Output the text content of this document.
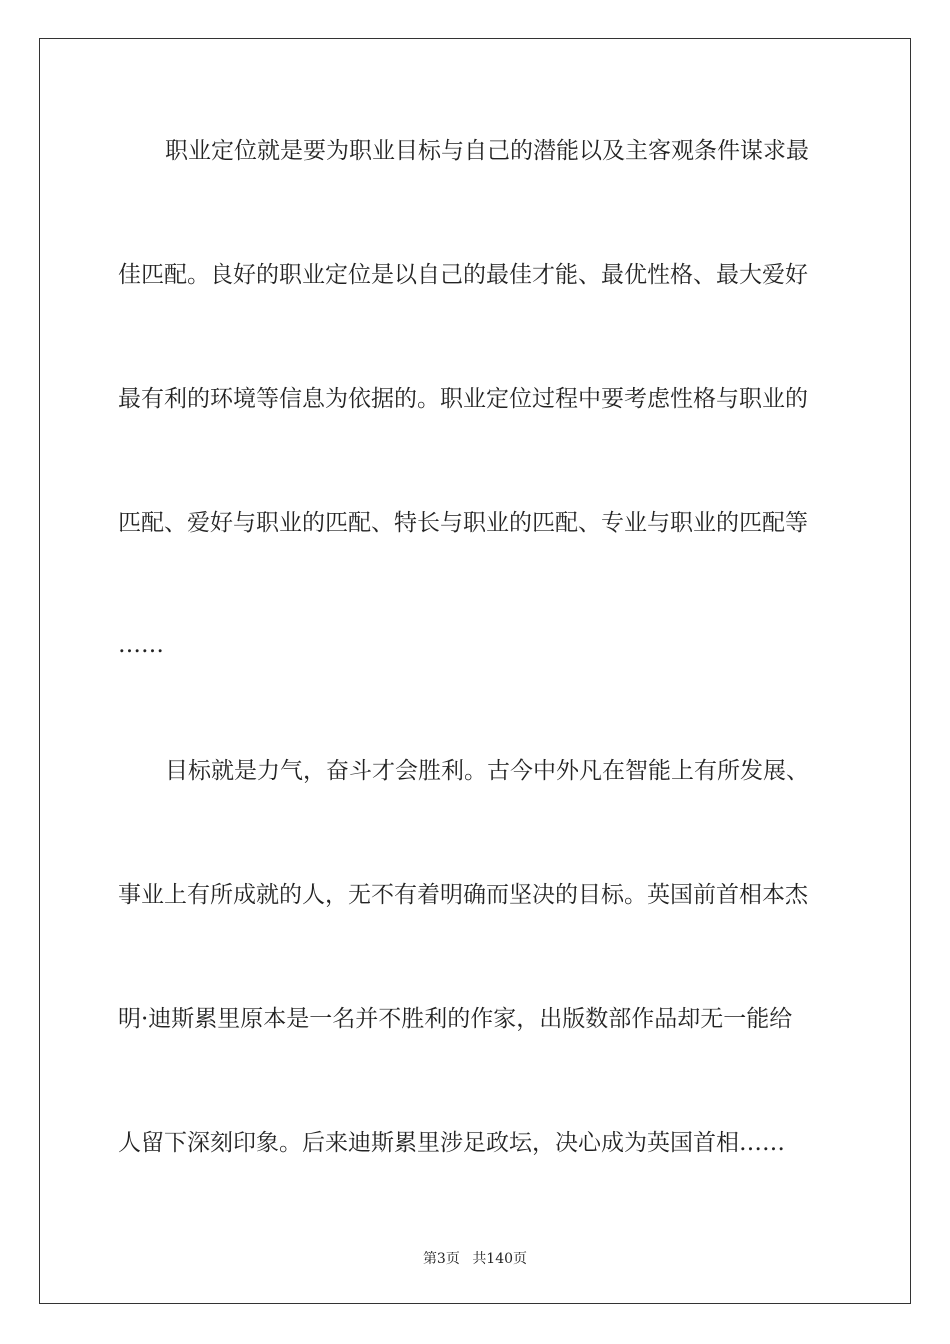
职业定位就是要为职业目标与自己的潜能以及主客观条件谋求最
佳匹配。良好的职业定位是以自己的最佳才能、最优性格、最大爱好
最有利的环境等信息为依据的。职业定位过程中要考虑性格与职业的
匹配、爱好与职业的匹配、特长与职业的匹配、专业与职业的匹配等
……
目标就是力气，奋斗才会胜利。古今中外凡在智能上有所发展、
事业上有所成就的人，无不有着明确而坚决的目标。英国前首相本杰
明·迪斯累里原本是一名并不胜利的作家，出版数部作品却无一能给
人留下深刻印象。后来迪斯累里涉足政坛，决心成为英国首相……
第3页 共140页
